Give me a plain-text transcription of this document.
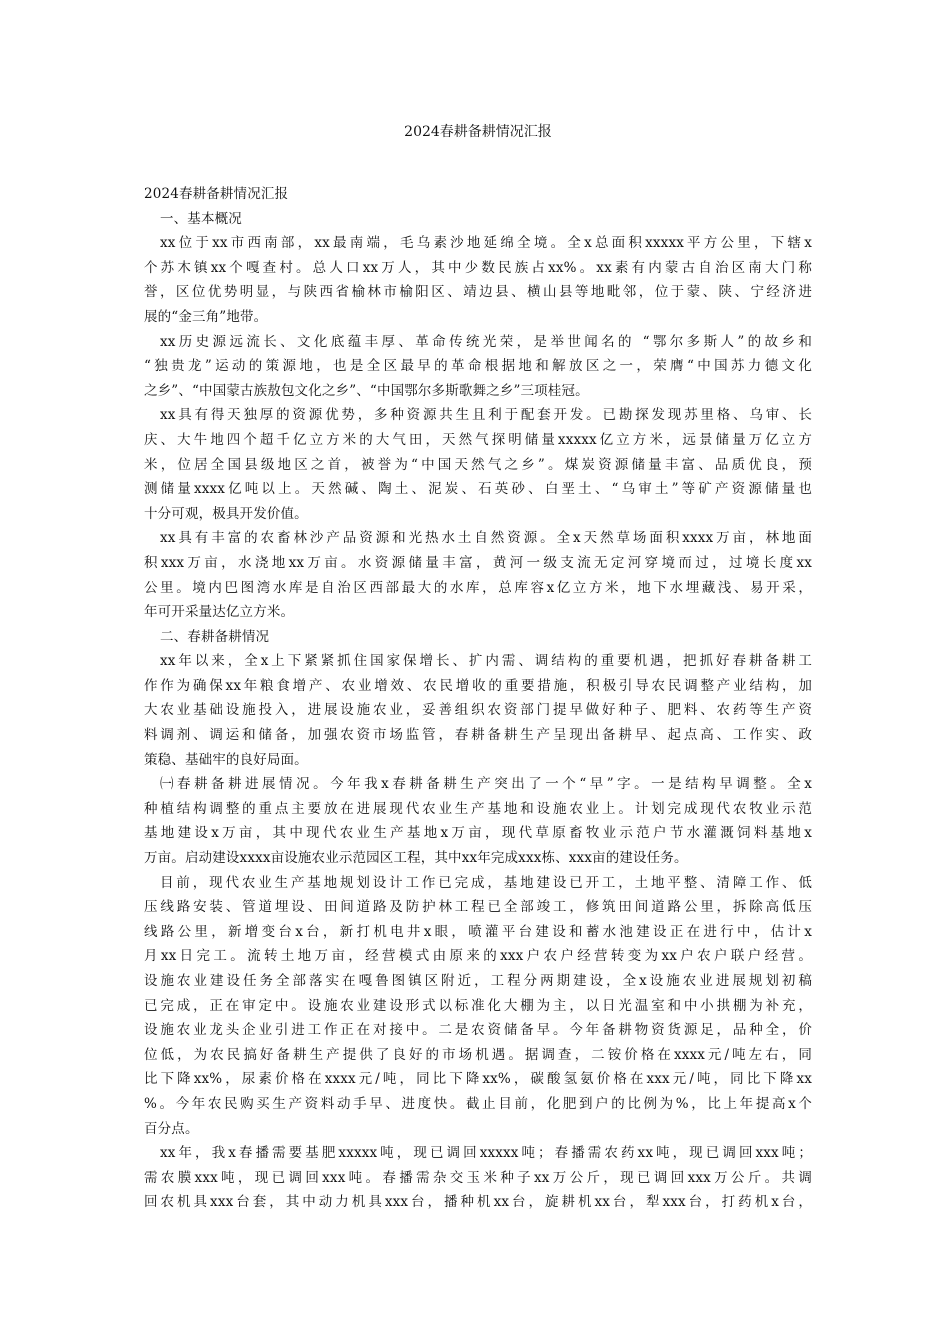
2024春耕备耕情况汇报

2024春耕备耕情况汇报

一、基本概况

xx位于xx市西南部，xx最南端，毛乌素沙地延绵全境。全x总面积xxxxx平方公里，下辖x

个苏木镇xx个嘎查村。总人口xx万人，其中少数民族占xx%。xx素有内蒙古自治区南大门称

誉，区位优势明显，与陕西省榆林市榆阳区、靖边县、横山县等地毗邻，位于蒙、陕、宁经济进

展的“金三角”地带。

xx历史源远流长、文化底蕴丰厚、革命传统光荣，是举世闻名的 “鄂尔多斯人”的故乡和

“独贵龙”运动的策源地，也是全区最早的革命根据地和解放区之一，荣膺“中国苏力德文化

之乡”、“中国蒙古族敖包文化之乡”、“中国鄂尔多斯歌舞之乡”三项桂冠。

xx具有得天独厚的资源优势，多种资源共生且利于配套开发。已勘探发现苏里格、乌审、长

庆、大牛地四个超千亿立方米的大气田，天然气探明储量xxxxx亿立方米，远景储量万亿立方

米，位居全国县级地区之首，被誉为“中国天然气之乡”。煤炭资源储量丰富、品质优良，预

测储量xxxx亿吨以上。天然碱、陶土、泥炭、石英砂、白垩土、“乌审土”等矿产资源储量也

十分可观，极具开发价值。

xx具有丰富的农畜林沙产品资源和光热水土自然资源。全x天然草场面积xxxx万亩，林地面

积xxx万亩，水浇地xx万亩。水资源储量丰富，黄河一级支流无定河穿境而过，过境长度xx

公里。境内巴图湾水库是自治区西部最大的水库，总库容x亿立方米，地下水埋藏浅、易开采，

年可开采量达亿立方米。

二、春耕备耕情况

xx年以来，全x上下紧紧抓住国家保增长、扩内需、调结构的重要机遇，把抓好春耕备耕工

作作为确保xx年粮食增产、农业增效、农民增收的重要措施，积极引导农民调整产业结构，加

大农业基础设施投入，进展设施农业，妥善组织农资部门提早做好种子、肥料、农药等生产资

料调剂、调运和储备，加强农资市场监管，春耕备耕生产呈现出备耕早、起点高、工作实、政

策稳、基础牢的良好局面。

㈠春耕备耕进展情况。今年我x春耕备耕生产突出了一个“早”字。一是结构早调整。全x

种植结构调整的重点主要放在进展现代农业生产基地和设施农业上。计划完成现代农牧业示范

基地建设x万亩，其中现代农业生产基地x万亩，现代草原畜牧业示范户节水灌溉饲料基地x

万亩。启动建设xxxx亩设施农业示范园区工程，其中xx年完成xxx栋、xxx亩的建设任务。

目前，现代农业生产基地规划设计工作已完成，基地建设已开工，土地平整、清障工作、低

压线路安装、管道埋设、田间道路及防护林工程已全部竣工，修筑田间道路公里，拆除高低压

线路公里，新增变台x台，新打机电井x眼，喷灌平台建设和蓄水池建设正在进行中，估计x

月xx日完工。流转土地万亩，经营模式由原来的xxx户农户经营转变为xx户农户联户经营。

设施农业建设任务全部落实在嘎鲁图镇区附近，工程分两期建设，全x设施农业进展规划初稿

已完成，正在审定中。设施农业建设形式以标准化大棚为主，以日光温室和中小拱棚为补充，

设施农业龙头企业引进工作正在对接中。二是农资储备早。今年备耕物资货源足，品种全，价

位低，为农民搞好备耕生产提供了良好的市场机遇。据调查，二铵价格在xxxx元/吨左右，同

比下降xx%，尿素价格在xxxx元/吨，同比下降xx%，碳酸氢氨价格在xxx元/吨，同比下降xx

%。今年农民购买生产资料动手早、进度快。截止目前，化肥到户的比例为%，比上年提高x个

百分点。

xx年，我x春播需要基肥xxxxx吨，现已调回xxxxx吨；春播需农药xx吨，现已调回xxx吨；

需农膜xxx吨，现已调回xxx吨。春播需杂交玉米种子xx万公斤，现已调回xxx万公斤。共调

回农机具xxx台套，其中动力机具xxx台，播种机xx台，旋耕机xx台，犁xxx台，打药机x台，
